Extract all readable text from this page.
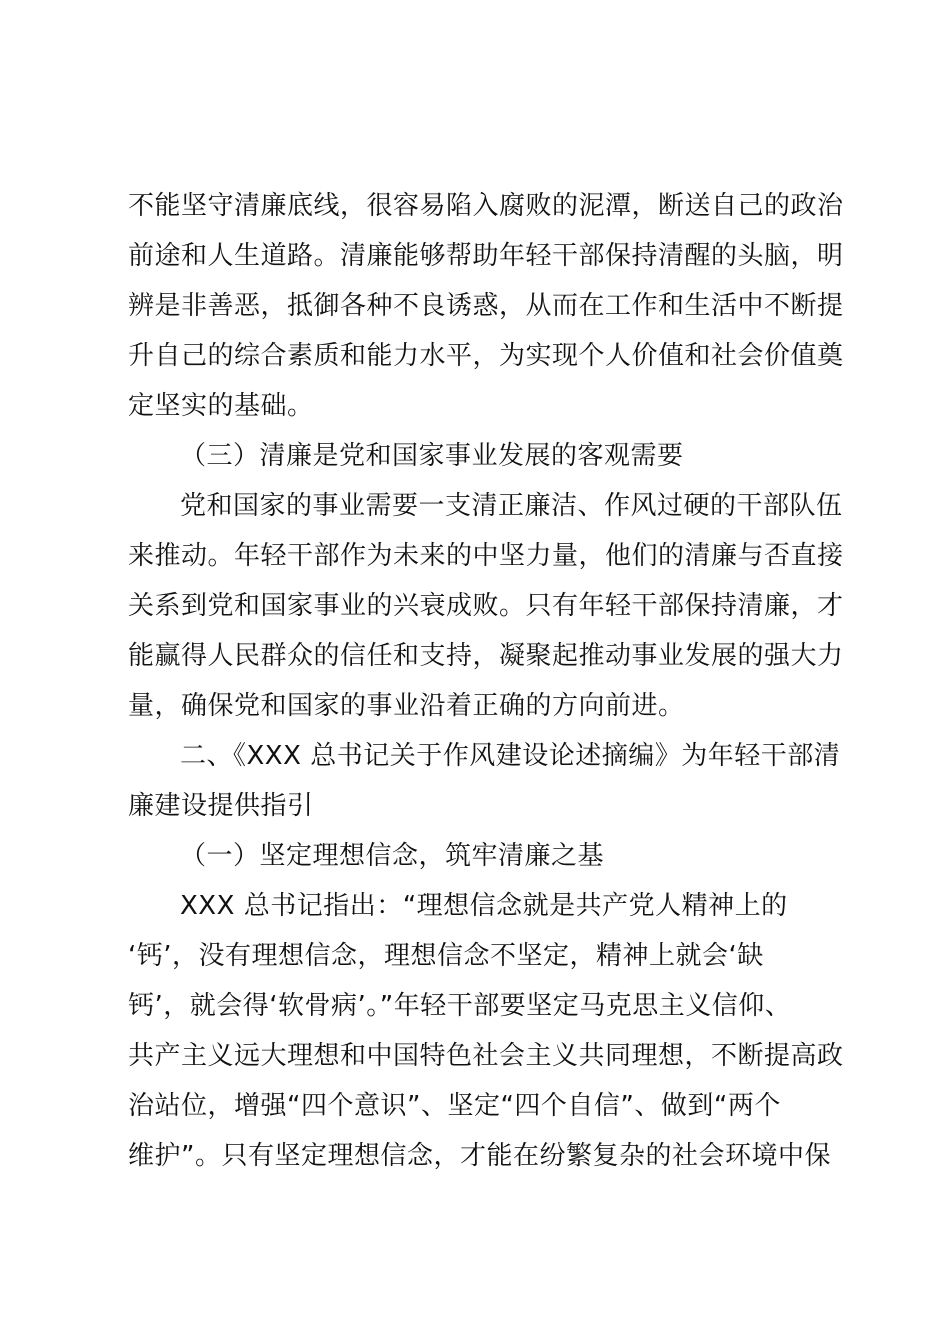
不能坚守清廉底线，很容易陷入腐败的泥潭，断送自己的政治
前途和人生道路。清廉能够帮助年轻干部保持清醒的头脑，明
辨是非善恶，抵御各种不良诱惑，从而在工作和生活中不断提
升自己的综合素质和能力水平，为实现个人价值和社会价值奠
定坚实的基础。
（三）清廉是党和国家事业发展的客观需要
党和国家的事业需要一支清正廉洁、作风过硬的干部队伍
来推动。年轻干部作为未来的中坚力量，他们的清廉与否直接
关系到党和国家事业的兴衰成败。只有年轻干部保持清廉，才
能赢得人民群众的信任和支持，凝聚起推动事业发展的强大力
量，确保党和国家的事业沿着正确的方向前进。
二、《XXX 总书记关于作风建设论述摘编》为年轻干部清
廉建设提供指引
（一）坚定理想信念，筑牢清廉之基
XXX 总书记指出：“理想信念就是共产党人精神上的
‘钙’，没有理想信念，理想信念不坚定，精神上就会‘缺
钙’，就会得‘软骨病’。”年轻干部要坚定马克思主义信仰、
共产主义远大理想和中国特色社会主义共同理想，不断提高政
治站位，增强“四个意识”、坚定“四个自信”、做到“两个
维护”。只有坚定理想信念，才能在纷繁复杂的社会环境中保
